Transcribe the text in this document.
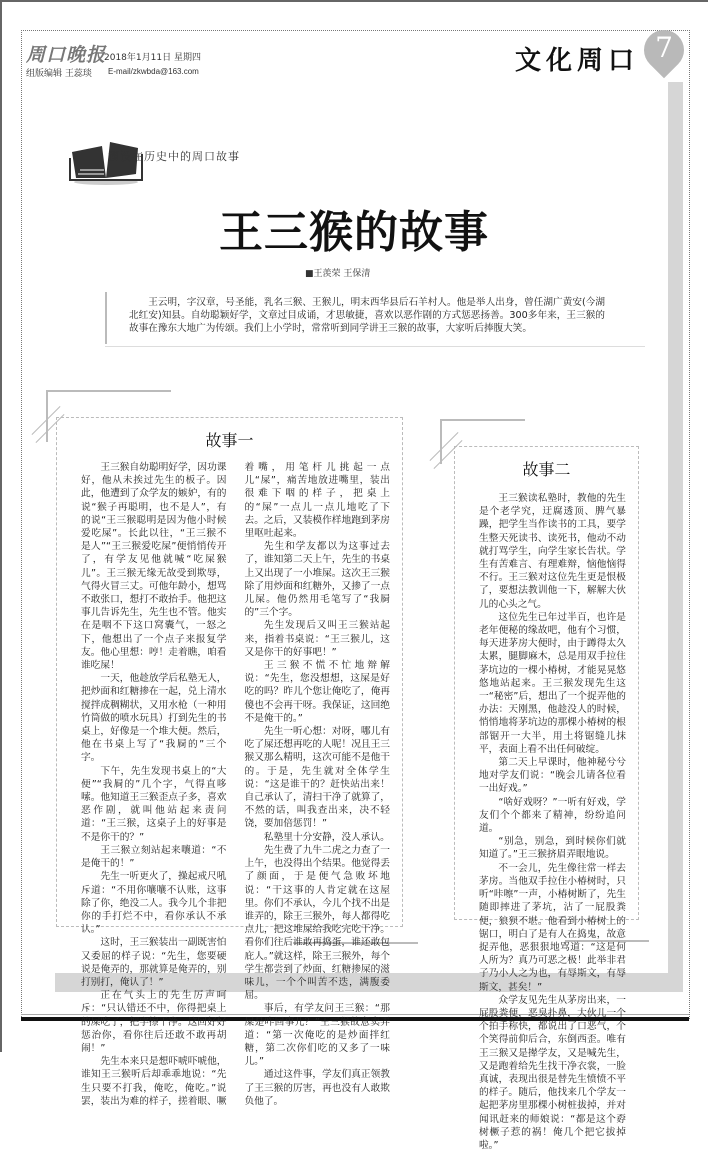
周口晚报
2018年1月11日 星期四
组版编辑 王蕊琰 E-mail/zkwbda@163.com	文化周口 7
湮没在历史中的周口故事
王三猴的故事
■王羡荣 王保清

王云明，字汉章，号圣能，乳名三猴、王猴儿，明末西华县后石羊村人。他是举人出身，曾任湖广黄安(今湖北红安)知县。自幼聪颖好学，文章过目成诵，才思敏捷，喜欢以恶作剧的方式惩恶扬善。300多年来，王三猴的故事在豫东大地广为传颂。我们上小学时，常常听到同学讲王三猴的故事，大家听后捧腹大笑。

故事一

王三猴自幼聪明好学，因功课好，他从未挨过先生的板子。因此，他遭到了众学友的嫉妒，有的说“猴子再聪明，也不是人”，有的说“王三猴聪明是因为他小时候爱吃屎”。长此以往，“王三猴不是人”“王三猴爱吃屎”便悄悄传开了，有学友见他就喊“吃屎猴儿”。王三猴无缘无故受到欺辱，气得火冒三丈。可他年龄小，想骂不敢张口，想打不敢抬手。他把这事儿告诉先生，先生也不管。他实在是咽不下这口窝囊气，一怒之下，他想出了一个点子来报复学友。他心里想：哼！走着瞧，咱看谁吃屎！

一天，他趁放学后私塾无人，把炒面和红糖掺在一起，兑上清水搅拌成稠糊状，又用水枪（一种用竹筒做的喷水玩具）打到先生的书桌上，好像是一个堆大便。然后，他在书桌上写了“我屙的”三个字。

下午，先生发现书桌上的“大便”“我屙的”几个字，气得直哆嗦。他知道王三猴歪点子多，喜欢恶作剧，就叫他站起来责问道：“王三猴，这桌子上的好事是不是你干的？”

王三猴立刻站起来嚷道：“不是俺干的！”

先生一听更火了，操起戒尺吼斥道：“不用你嚷嚷不认账，这事除了你，绝没二人。我今儿个非把你的手打烂不中，看你承认不承认。”

这时，王三猴装出一副既害怕又委屈的样子说：“先生，您要硬说是俺弄的，那就算是俺弄的，别打别打，俺认了！”

正在气头上的先生厉声呵斥：“只认错还不中，你得把桌上的屎吃了，把字擦干净。这回好好惩治你，看你往后还敢不敢再胡闹！”

先生本来只是想吓唬吓唬他，谁知王三猴听后却乖乖地说：“先生只要不打我，俺吃，俺吃。”说罢，装出为难的样子，搓着眼、噘着嘴，用笔杆儿挑起一点儿“屎”，痛苦地放进嘴里，装出很难下咽的样子，把桌上的“屎”一点儿一点儿地吃了下去。之后，又装模作样地跑到茅房里呕吐起来。

先生和学友都以为这事过去了，谁知第二天上午，先生的书桌上又出现了一小堆屎。这次王三猴除了用炒面和红糖外，又掺了一点儿屎。他仍然用毛笔写了“我屙的”三个字。

先生发现后又叫王三猴站起来，指着书桌说：“王三猴儿，这又是你干的好事吧！”

王三猴不慌不忙地辩解说：“先生，您没想想，这屎是好吃的吗？昨儿个您让俺吃了，俺再傻也不会再干呀。我保证，这回绝不是俺干的。”

先生一听心想：对呀，哪儿有吃了屎还想再吃的人呢！况且王三猴又那么精明，这次可能不是他干的。于是，先生就对全体学生说：“这是谁干的？赶快站出来！自己承认了，清扫干净了就算了，不然的话，叫我查出来，决不轻饶，要加倍惩罚！”

私塾里十分安静，没人承认。

先生费了九牛二虎之力查了一上午，也没得出个结果。他觉得丢了颜面，于是便气急败坏地说：“干这事的人肯定就在这屋里。你们不承认，今儿个找不出是谁弄的，除王三猴外，每人都得吃点儿，把这堆屎给我吃完吃干净。看你们往后谁敢再捣蛋，谁还敢包庇人。”就这样，除王三猴外，每个学生都尝到了炒面、红糖掺屎的滋味儿，一个个叫苦不迭，满腹委屈。

事后，有学友问王三猴：“那屎是咋回事儿？”王三猴故意卖弄道：“第一次俺吃的是炒面拌红糖，第二次你们吃的又多了一味儿。”

通过这件事，学友们真正领教了王三猴的厉害，再也没有人敢欺负他了。

故事二

王三猴读私塾时，教他的先生是个老学究，迂腐透顶、脾气暴躁，把学生当作读书的工具，要学生整天死读书、读死书，他动不动就打骂学生，向学生家长告状。学生有苦难言、有理难辩，恼他恼得不行。王三猴对这位先生更是恨极了，要想法教训他一下，解解大伙儿的心头之气。

这位先生已年过半百，也许是老年便秘的缘故吧，他有个习惯，每天进茅房大便时，由于蹲得太久太累，腿脚麻木，总是用双手拉住茅坑边的一棵小椿树，才能晃晃悠悠地站起来。王三猴发现先生这一“秘密”后，想出了一个捉弄他的办法：天刚黑，他趁没人的时候，悄悄地将茅坑边的那棵小椿树的根部锯开一大半，用土将锯缝儿抹平，表面上看不出任何破绽。

第二天上早课时，他神秘兮兮地对学友们说：“晚会儿请各位看一出好戏。”

“啥好戏呀？”一听有好戏，学友们个个都来了精神，纷纷追问道。

“别急，别急，到时候你们就知道了。”王三猴挤眉弄眼地说。

不一会儿，先生像往常一样去茅房。当他双手拉住小椿树时，只听“咔嚓”一声，小椿树断了，先生随即摔进了茅坑，沾了一屁股粪便，狼狈不堪。他看到小椿树上的锯口，明白了是有人在捣鬼，故意捉弄他，恶狠狠地骂道：“这是何人所为？真乃可恶之极！此举非君子乃小人之为也，有辱斯文，有辱斯文，甚矣！”

众学友见先生从茅房出来，一屁股粪便，恶臭扑鼻，大伙儿一个个拍手称快，都说出了口恶气，个个笑得前仰后合，东倒西歪。唯有王三猴又是撵学友，又是喊先生，又是跑着给先生找干净衣裳，一脸真诚，表现出很是替先生愤愤不平的样子。随后，他找来几个学友一起把茅房里那棵小树桩拔掉，并对闻讯赶来的师娘说：“都是这个孬树橛子惹的祸！俺几个把它拔掉啦。”
